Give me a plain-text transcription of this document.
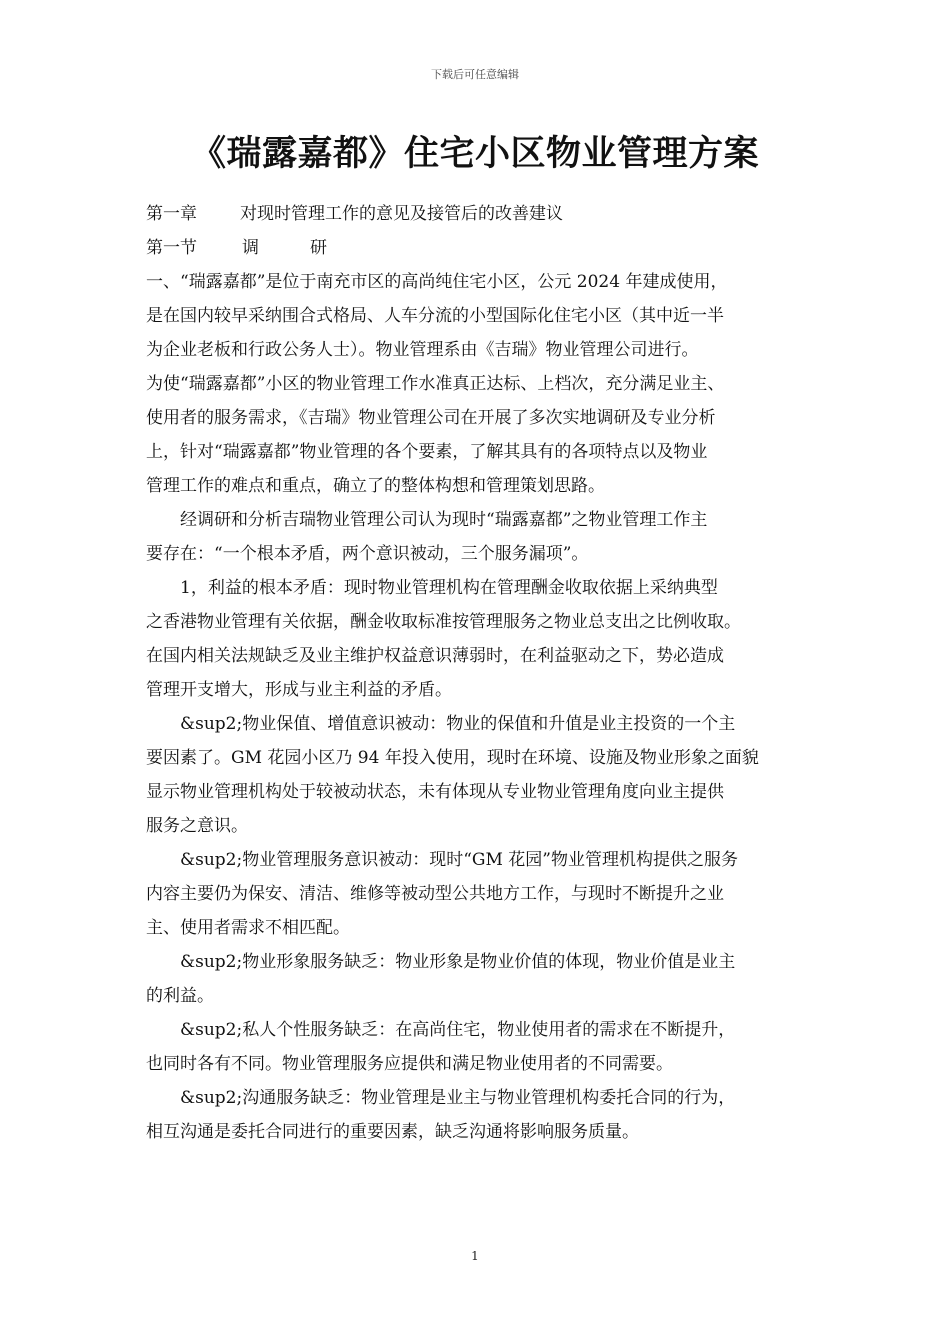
下载后可任意编辑
《瑞露嘉都》住宅小区物业管理方案
第一章	对现时管理工作的意见及接管后的改善建议
第一节	调	研
一、“瑞露嘉都”是位于南充市区的高尚纯住宅小区，公元 2024 年建成使用，
是在国内较早采纳围合式格局、人车分流的小型国际化住宅小区（其中近一半
为企业老板和行政公务人士）。物业管理系由《吉瑞》物业管理公司进行。
为使“瑞露嘉都”小区的物业管理工作水准真正达标、上档次，充分满足业主、
使用者的服务需求，《吉瑞》物业管理公司在开展了多次实地调研及专业分析
上，针对“瑞露嘉都”物业管理的各个要素，了解其具有的各项特点以及物业
管理工作的难点和重点，确立了的整体构想和管理策划思路。
　　经调研和分析吉瑞物业管理公司认为现时“瑞露嘉都”之物业管理工作主
要存在：“一个根本矛盾，两个意识被动，三个服务漏项”。
　　1，利益的根本矛盾：现时物业管理机构在管理酬金收取依据上采纳典型
之香港物业管理有关依据，酬金收取标准按管理服务之物业总支出之比例收取。
在国内相关法规缺乏及业主维护权益意识薄弱时，在利益驱动之下，势必造成
管理开支增大，形成与业主利益的矛盾。
　　&sup2;物业保值、增值意识被动：物业的保值和升值是业主投资的一个主
要因素了。GM 花园小区乃 94 年投入使用，现时在环境、设施及物业形象之面貌
显示物业管理机构处于较被动状态，未有体现从专业物业管理角度向业主提供
服务之意识。
　　&sup2;物业管理服务意识被动：现时“GM 花园”物业管理机构提供之服务
内容主要仍为保安、清洁、维修等被动型公共地方工作，与现时不断提升之业
主、使用者需求不相匹配。
　　&sup2;物业形象服务缺乏：物业形象是物业价值的体现，物业价值是业主
的利益。
　　&sup2;私人个性服务缺乏：在高尚住宅，物业使用者的需求在不断提升，
也同时各有不同。物业管理服务应提供和满足物业使用者的不同需要。
　　&sup2;沟通服务缺乏：物业管理是业主与物业管理机构委托合同的行为，
相互沟通是委托合同进行的重要因素，缺乏沟通将影响服务质量。
1
